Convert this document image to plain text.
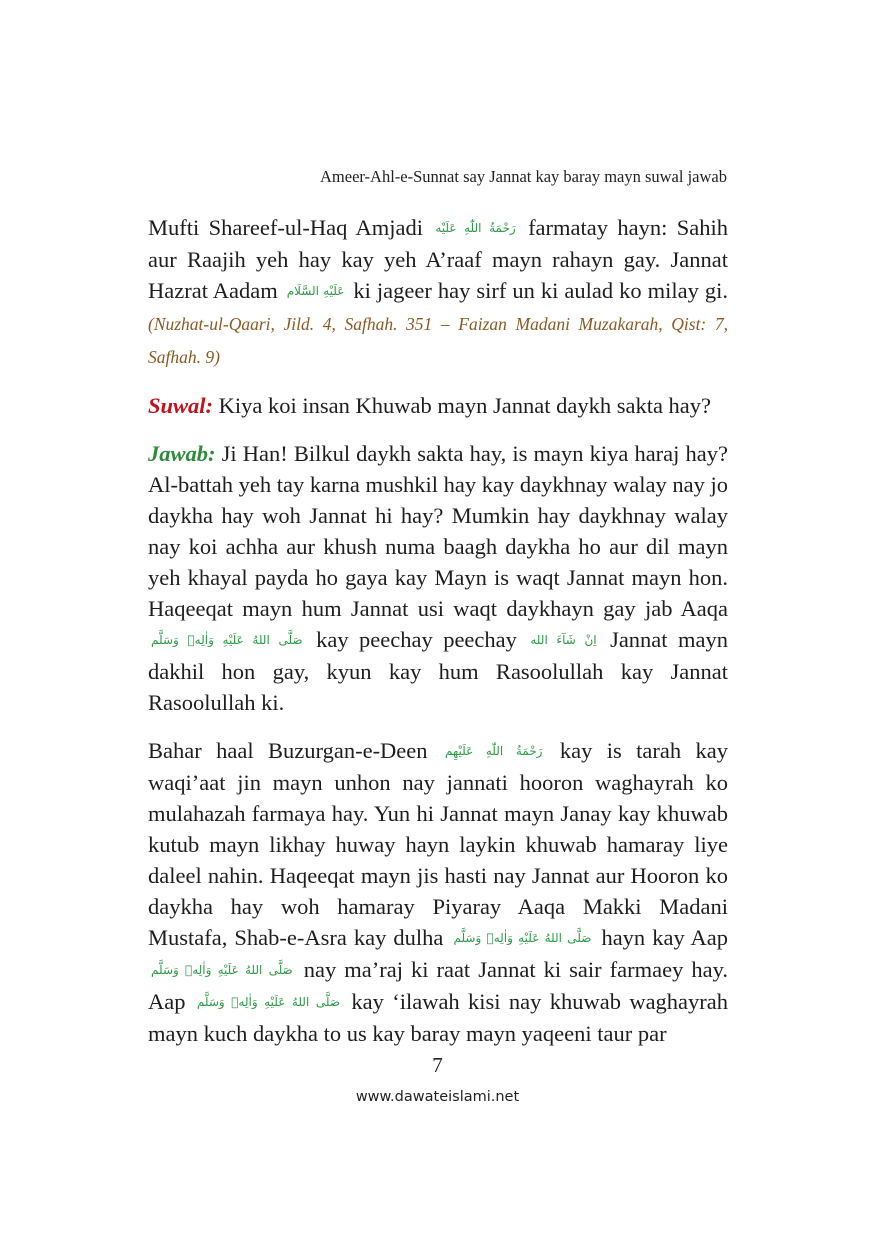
Ameer-Ahl-e-Sunnat say Jannat kay baray mayn suwal jawab

Mufti Shareef-ul-Haq Amjadi رَحْمَةُ اللّٰهِ عَلَيْه farmatay hayn: Sahih aur Raajih yeh hay kay yeh A’raaf mayn rahayn gay. Jannat Hazrat Aadam عَلَيْهِ السَّلَام ki jageer hay sirf un ki aulad ko milay gi. (Nuzhat-ul-Qaari, Jild. 4, Safhah. 351 – Faizan Madani Muzakarah, Qist: 7, Safhah. 9)

Suwal: Kiya koi insan Khuwab mayn Jannat daykh sakta hay?

Jawab: Ji Han! Bilkul daykh sakta hay, is mayn kiya haraj hay? Al-battah yeh tay karna mushkil hay kay daykhnay walay nay jo daykha hay woh Jannat hi hay? Mumkin hay daykhnay walay nay koi achha aur khush numa baagh daykha ho aur dil mayn yeh khayal payda ho gaya kay Mayn is waqt Jannat mayn hon. Haqeeqat mayn hum Jannat usi waqt daykhayn gay jab Aaqa صَلَّى اللهُ عَلَيْهِ وَاٰلِهٖ وَسَلَّم kay peechay peechay اِنْ شَآءَ الله Jannat mayn dakhil hon gay, kyun kay hum Rasoolullah kay Jannat Rasoolullah ki.

Bahar haal Buzurgan-e-Deen رَحْمَةُ اللّٰهِ عَلَيْهِم kay is tarah kay waqi’aat jin mayn unhon nay jannati hooron waghayrah ko mulahazah farmaya hay. Yun hi Jannat mayn Janay kay khuwab kutub mayn likhay huway hayn laykin khuwab hamaray liye daleel nahin. Haqeeqat mayn jis hasti nay Jannat aur Hooron ko daykha hay woh hamaray Piyaray Aaqa Makki Madani Mustafa, Shab-e-Asra kay dulha صَلَّى اللهُ عَلَيْهِ وَاٰلِهٖ وَسَلَّم hayn kay Aap صَلَّى اللهُ عَلَيْهِ وَاٰلِهٖ وَسَلَّم nay ma’raj ki raat Jannat ki sair farmaey hay. Aap صَلَّى اللهُ عَلَيْهِ وَاٰلِهٖ وَسَلَّم kay ‘ilawah kisi nay khuwab waghayrah mayn kuch daykha to us kay baray mayn yaqeeni taur par

7
www.dawateislami.net
